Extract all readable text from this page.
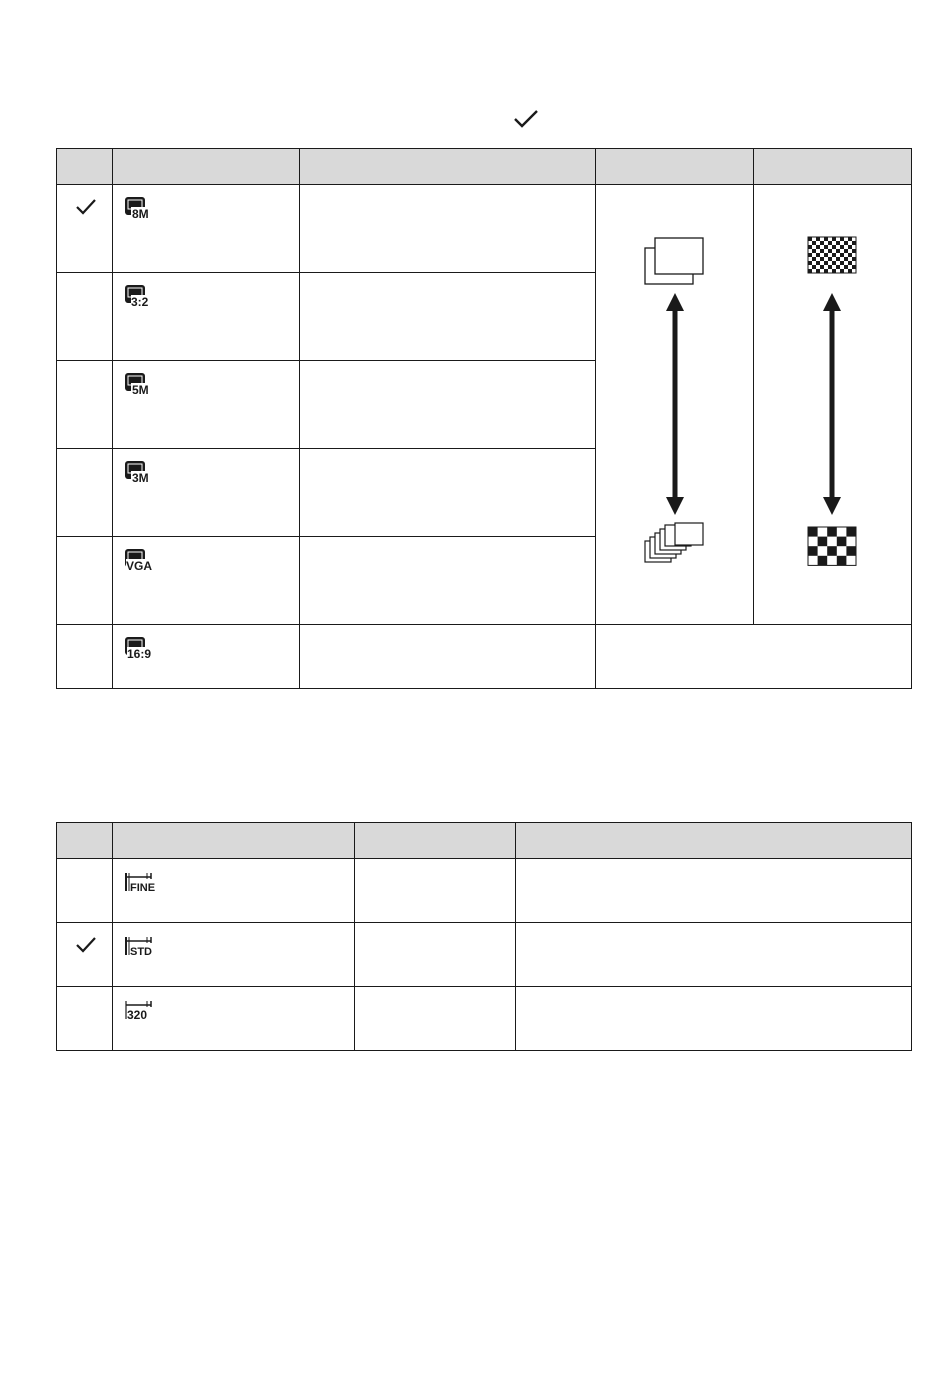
8M

3:2			

5M			

3M			

VGA			

16:9			

FINE		

STD		

320		
